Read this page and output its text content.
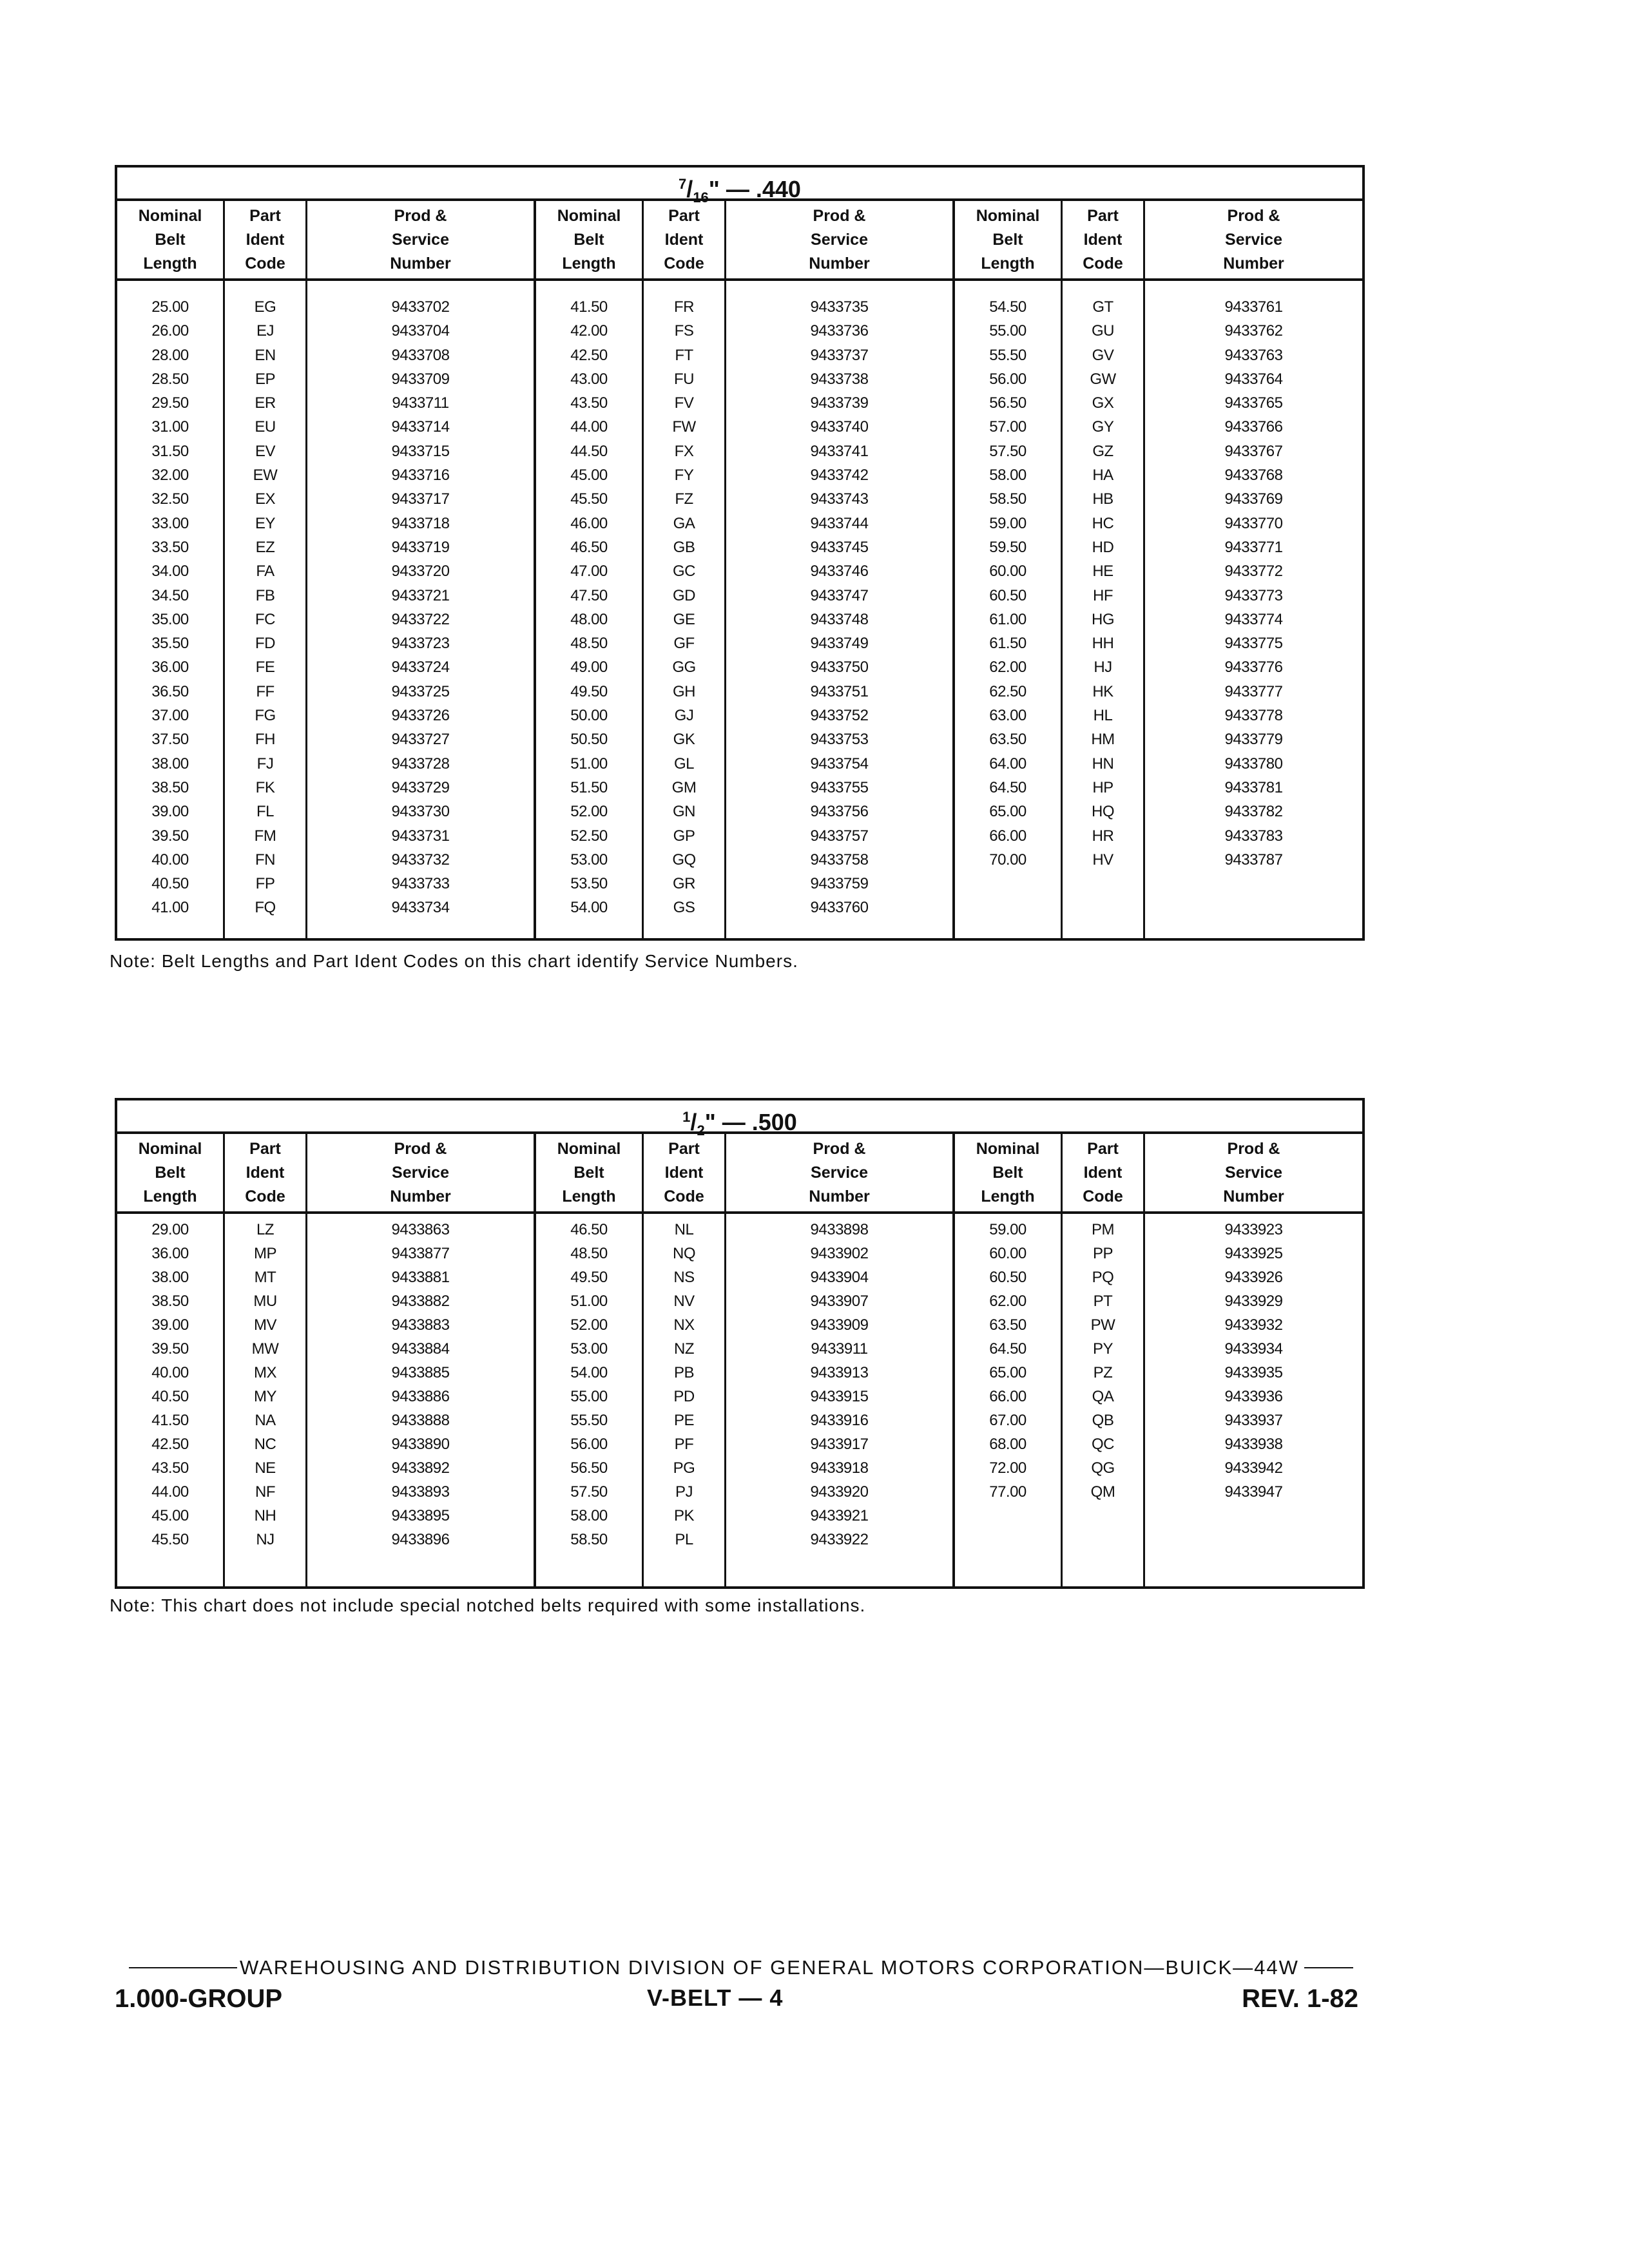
$^7/_{16}$" — .440
Nominal
Belt
Length
25.00
26.00
28.00
28.50
29.50
31.00
31.50
32.00
32.50
33.00
33.50
34.00
34.50
35.00
35.50
36.00
36.50
37.00
37.50
38.00
38.50
39.00
39.50
40.00
40.50
41.00
Part
Ident
Code
EG
EJ
EN
EP
ER
EU
EV
EW
EX
EY
EZ
FA
FB
FC
FD
FE
FF
FG
FH
FJ
FK
FL
FM
FN
FP
FQ
Prod &
Service
Number
9433702
9433704
9433708
9433709
9433711
9433714
9433715
9433716
9433717
9433718
9433719
9433720
9433721
9433722
9433723
9433724
9433725
9433726
9433727
9433728
9433729
9433730
9433731
9433732
9433733
9433734
Nominal
Belt
Length
41.50
42.00
42.50
43.00
43.50
44.00
44.50
45.00
45.50
46.00
46.50
47.00
47.50
48.00
48.50
49.00
49.50
50.00
50.50
51.00
51.50
52.00
52.50
53.00
53.50
54.00
Part
Ident
Code
FR
FS
FT
FU
FV
FW
FX
FY
FZ
GA
GB
GC
GD
GE
GF
GG
GH
GJ
GK
GL
GM
GN
GP
GQ
GR
GS
Prod &
Service
Number
9433735
9433736
9433737
9433738
9433739
9433740
9433741
9433742
9433743
9433744
9433745
9433746
9433747
9433748
9433749
9433750
9433751
9433752
9433753
9433754
9433755
9433756
9433757
9433758
9433759
9433760
Nominal
Belt
Length
54.50
55.00
55.50
56.00
56.50
57.00
57.50
58.00
58.50
59.00
59.50
60.00
60.50
61.00
61.50
62.00
62.50
63.00
63.50
64.00
64.50
65.00
66.00
70.00
Part
Ident
Code
GT
GU
GV
GW
GX
GY
GZ
HA
HB
HC
HD
HE
HF
HG
HH
HJ
HK
HL
HM
HN
HP
HQ
HR
HV
Prod &
Service
Number
9433761
9433762
9433763
9433764
9433765
9433766
9433767
9433768
9433769
9433770
9433771
9433772
9433773
9433774
9433775
9433776
9433777
9433778
9433779
9433780
9433781
9433782
9433783
9433787
Note: Belt Lengths and Part Ident Codes on this chart identify Service Numbers.
$^1/_2$" — .500
Nominal
Belt
Length
29.00
36.00
38.00
38.50
39.00
39.50
40.00
40.50
41.50
42.50
43.50
44.00
45.00
45.50
Part
Ident
Code
LZ
MP
MT
MU
MV
MW
MX
MY
NA
NC
NE
NF
NH
NJ
Prod &
Service
Number
9433863
9433877
9433881
9433882
9433883
9433884
9433885
9433886
9433888
9433890
9433892
9433893
9433895
9433896
Nominal
Belt
Length
46.50
48.50
49.50
51.00
52.00
53.00
54.00
55.00
55.50
56.00
56.50
57.50
58.00
58.50
Part
Ident
Code
NL
NQ
NS
NV
NX
NZ
PB
PD
PE
PF
PG
PJ
PK
PL
Prod &
Service
Number
9433898
9433902
9433904
9433907
9433909
9433911
9433913
9433915
9433916
9433917
9433918
9433920
9433921
9433922
Nominal
Belt
Length
59.00
60.00
60.50
62.00
63.50
64.50
65.00
66.00
67.00
68.00
72.00
77.00
Part
Ident
Code
PM
PP
PQ
PT
PW
PY
PZ
QA
QB
QC
QG
QM
Prod &
Service
Number
9433923
9433925
9433926
9433929
9433932
9433934
9433935
9433936
9433937
9433938
9433942
9433947
Note: This chart does not include special notched belts required with some installations.
WAREHOUSING AND DISTRIBUTION DIVISION OF GENERAL MOTORS CORPORATION—BUICK—44W
1.000-GROUP	V-BELT — 4	REV. 1-82
